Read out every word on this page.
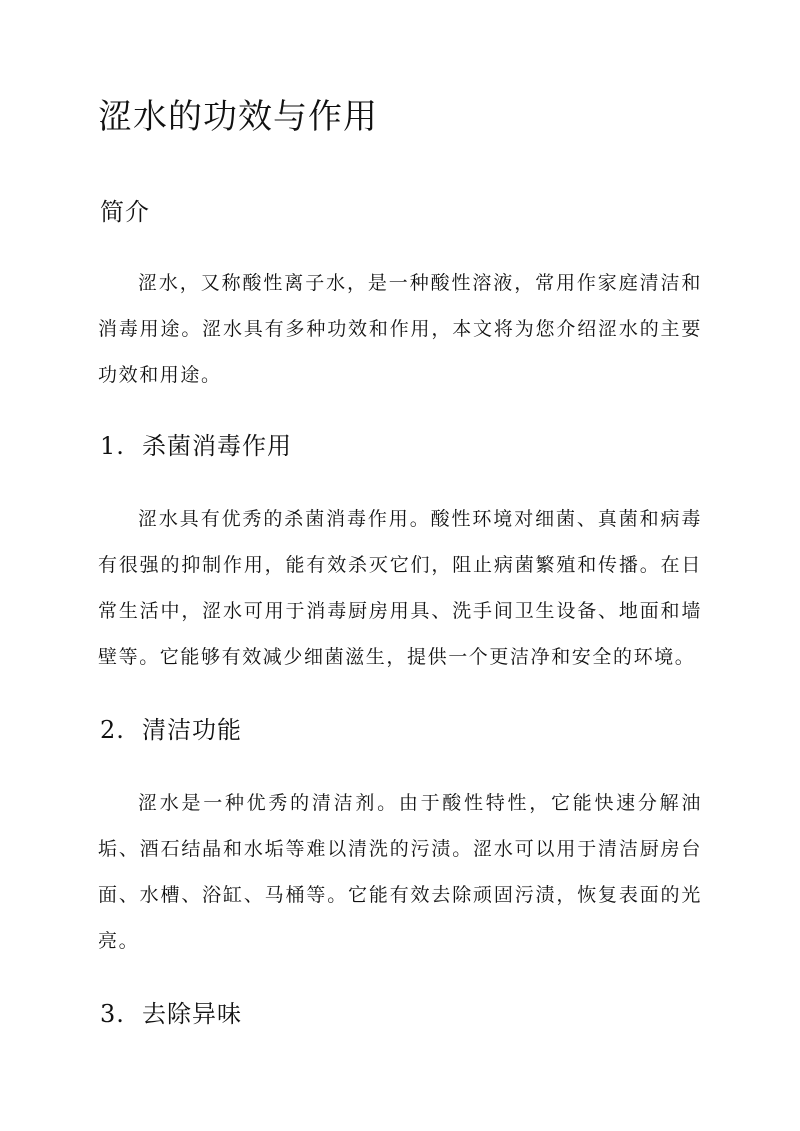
涩水的功效与作用
简介

涩水，又称酸性离子水，是一种酸性溶液，常用作家庭清洁和消毒用途。涩水具有多种功效和作用，本文将为您介绍涩水的主要功效和用途。

1. 杀菌消毒作用

涩水具有优秀的杀菌消毒作用。酸性环境对细菌、真菌和病毒有很强的抑制作用，能有效杀灭它们，阻止病菌繁殖和传播。在日常生活中，涩水可用于消毒厨房用具、洗手间卫生设备、地面和墙壁等。它能够有效减少细菌滋生，提供一个更洁净和安全的环境。

2. 清洁功能

涩水是一种优秀的清洁剂。由于酸性特性，它能快速分解油垢、酒石结晶和水垢等难以清洗的污渍。涩水可以用于清洁厨房台面、水槽、浴缸、马桶等。它能有效去除顽固污渍，恢复表面的光亮。

3. 去除异味
